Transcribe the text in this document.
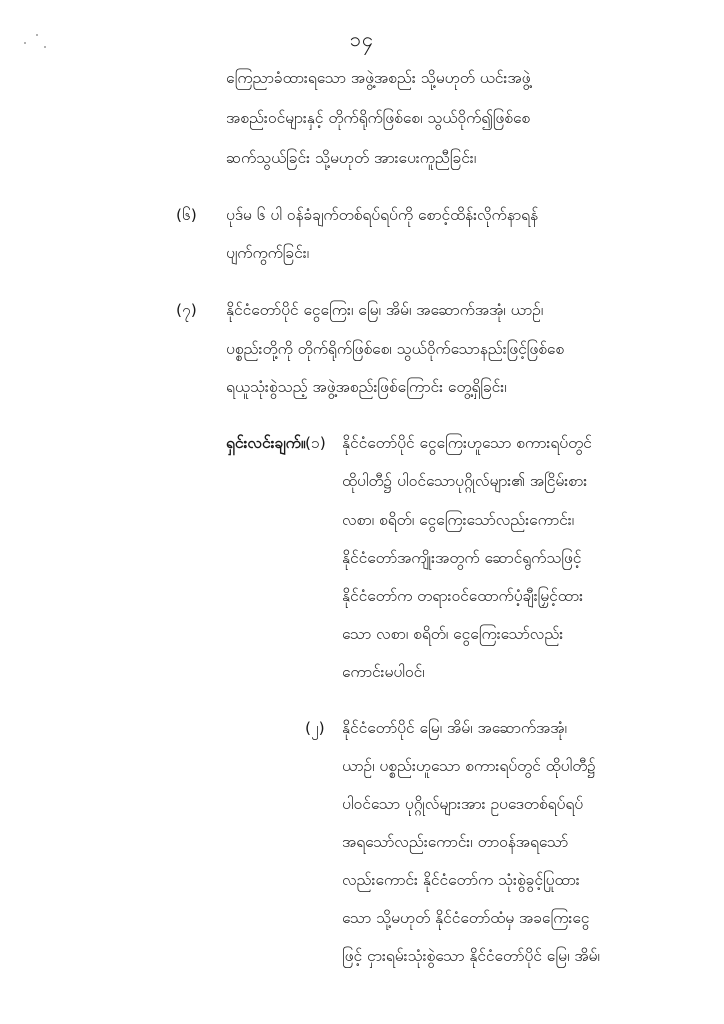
၁၄
ကြေညာခံထားရသော အဖွဲ့အစည်း သို့မဟုတ် ယင်းအဖွဲ့
အစည်းဝင်များနှင့် တိုက်ရိုက်ဖြစ်စေ၊ သွယ်ဝိုက်၍ဖြစ်စေ
ဆက်သွယ်ခြင်း သို့မဟုတ် အားပေးကူညီခြင်း၊
(၆) ပုဒ်မ ၆ ပါ ဝန်ခံချက်တစ်ရပ်ရပ်ကို စောင့်ထိန်းလိုက်နာရန်
ပျက်ကွက်ခြင်း၊
(၇) နိုင်ငံတော်ပိုင် ငွေကြေး၊ မြေ၊ အိမ်၊ အဆောက်အအုံ၊ ယာဉ်၊
ပစ္စည်းတို့ကို တိုက်ရိုက်ဖြစ်စေ၊ သွယ်ဝိုက်သောနည်းဖြင့်ဖြစ်စေ
ရယူသုံးစွဲသည့် အဖွဲ့အစည်းဖြစ်ကြောင်း တွေ့ရှိခြင်း၊
ရှင်းလင်းချက်။ (၁) နိုင်ငံတော်ပိုင် ငွေကြေးဟူသော စကားရပ်တွင်
ထိုပါတီ၌ ပါဝင်သောပုဂ္ဂိုလ်များ၏ အငြိမ်းစား
လစာ၊ စရိတ်၊ ငွေကြေးသော်လည်းကောင်း၊
နိုင်ငံတော်အကျိုးအတွက် ဆောင်ရွက်သဖြင့်
နိုင်ငံတော်က တရားဝင်ထောက်ပံ့ချီးမြှင့်ထား
သော လစာ၊ စရိတ်၊ ငွေကြေးသော်လည်း
ကောင်းမပါဝင်၊
(၂) နိုင်ငံတော်ပိုင် မြေ၊ အိမ်၊ အဆောက်အအုံ၊
ယာဉ်၊ ပစ္စည်းဟူသော စကားရပ်တွင် ထိုပါတီ၌
ပါဝင်သော ပုဂ္ဂိုလ်များအား ဥပဒေတစ်ရပ်ရပ်
အရသော်လည်းကောင်း၊ တာဝန်အရသော်
လည်းကောင်း နိုင်ငံတော်က သုံးစွဲခွင့်ပြုထား
သော သို့မဟုတ် နိုင်ငံတော်ထံမှ အခကြေးငွေ
ဖြင့် ငှားရမ်းသုံးစွဲသော နိုင်ငံတော်ပိုင် မြေ၊ အိမ်၊
